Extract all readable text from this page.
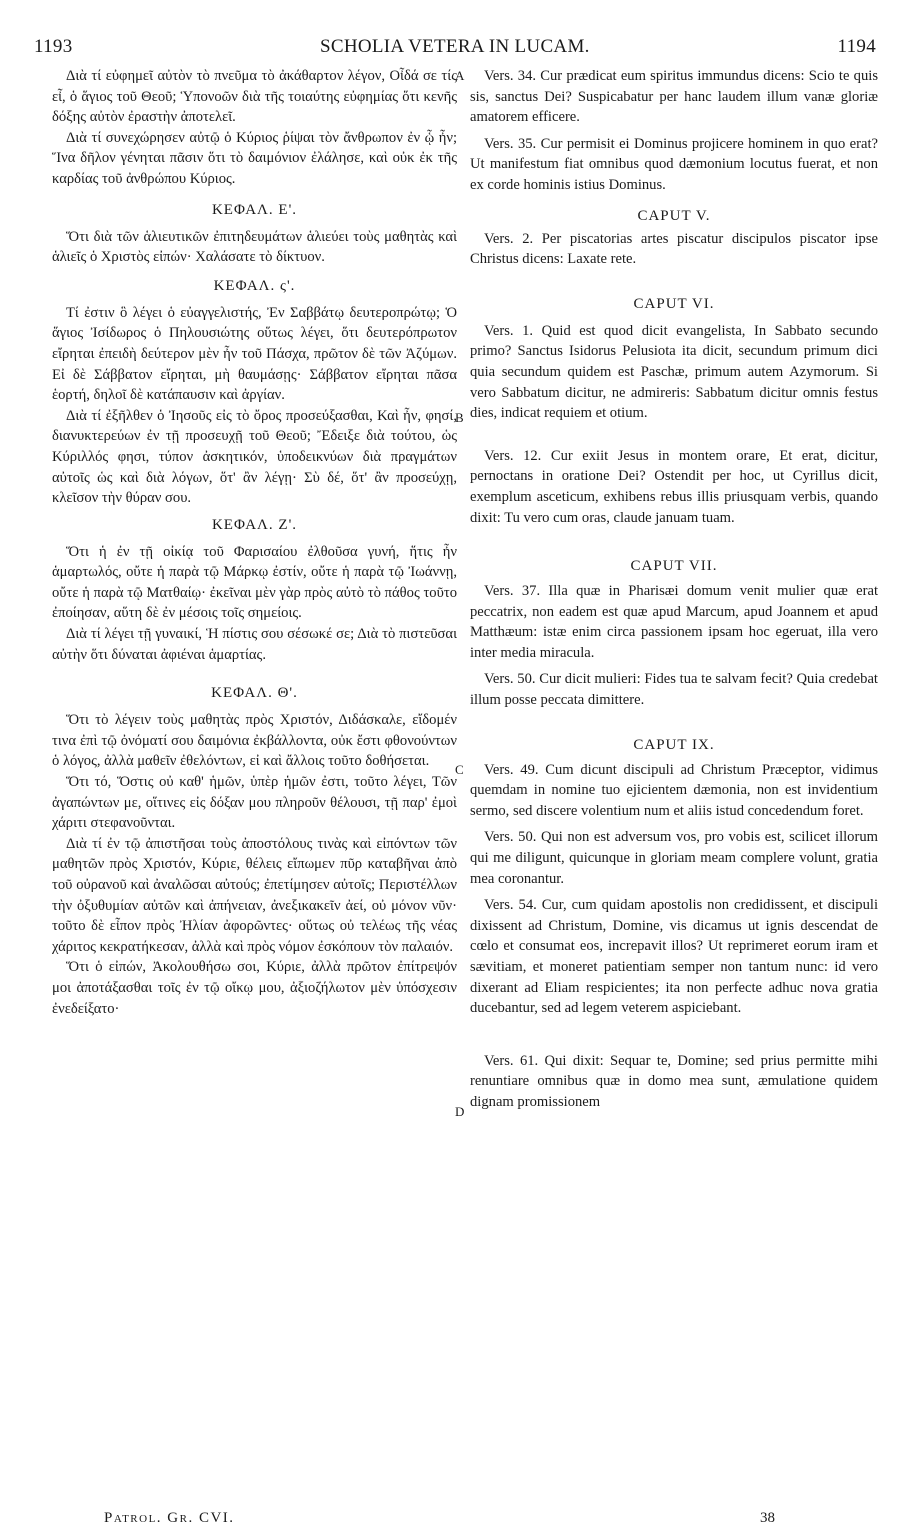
1193	SCHOLIA VETERA IN LUCAM.	1194
A
B
C
D

Διὰ τί εὐφημεῖ αὐτὸν τὸ πνεῦμα τὸ ἀκάθαρτον λέγον, Οἶδά σε τίς εἶ, ὁ ἅγιος τοῦ Θεοῦ; Ὑπονοῶν διὰ τῆς τοιαύτης εὐφημίας ὅτι κενῆς δόξης αὐτὸν ἐραστὴν ἀποτελεῖ.

Διὰ τί συνεχώρησεν αὐτῷ ὁ Κύριος ῥίψαι τὸν ἄνθρωπον ἐν ᾧ ἦν; Ἵνα δῆλον γένηται πᾶσιν ὅτι τὸ δαιμόνιον ἐλάλησε, καὶ οὐκ ἐκ τῆς καρδίας τοῦ ἀνθρώπου Κύριος.

ΚΕΦΑΛ. Ε'.

Ὅτι διὰ τῶν ἁλιευτικῶν ἐπιτηδευμάτων ἁλιεύει τοὺς μαθητὰς καὶ ἁλιεῖς ὁ Χριστὸς εἰπών· Χαλάσατε τὸ δίκτυον.

ΚΕΦΑΛ. ς'.

Τί ἐστιν ὃ λέγει ὁ εὐαγγελιστής, Ἐν Σαββάτῳ δευτεροπρώτῳ; Ὁ ἅγιος Ἰσίδωρος ὁ Πηλουσιώτης οὕτως λέγει, ὅτι δευτερόπρωτον εἴρηται ἐπειδὴ δεύτερον μὲν ἦν τοῦ Πάσχα, πρῶτον δὲ τῶν Ἀζύμων. Εἰ δὲ Σάββατον εἴρηται, μὴ θαυμάσῃς· Σάββατον εἴρηται πᾶσα ἑορτή, δηλοῖ δὲ κατάπαυσιν καὶ ἀργίαν.

Διὰ τί ἐξῆλθεν ὁ Ἰησοῦς εἰς τὸ ὄρος προσεύξασθαι, Καὶ ἦν, φησί, διανυκτερεύων ἐν τῇ προσευχῇ τοῦ Θεοῦ; Ἔδειξε διὰ τούτου, ὡς Κύριλλός φησι, τύπον ἀσκητικόν, ὑποδεικνύων διὰ πραγμάτων αὐτοῖς ὡς καὶ διὰ λόγων, ὅτ' ἂν λέγῃ· Σὺ δέ, ὅτ' ἂν προσεύχῃ, κλεῖσον τὴν θύραν σου.

ΚΕΦΑΛ. Ζ'.

Ὅτι ἡ ἐν τῇ οἰκίᾳ τοῦ Φαρισαίου ἐλθοῦσα γυνή, ἥτις ἦν ἁμαρτωλός, οὔτε ἡ παρὰ τῷ Μάρκῳ ἐστίν, οὔτε ἡ παρὰ τῷ Ἰωάννῃ, οὔτε ἡ παρὰ τῷ Ματθαίῳ· ἐκεῖναι μὲν γὰρ πρὸς αὐτὸ τὸ πάθος τοῦτο ἐποίησαν, αὕτη δὲ ἐν μέσοις τοῖς σημείοις.

Διὰ τί λέγει τῇ γυναικί, Ἡ πίστις σου σέσωκέ σε; Διὰ τὸ πιστεῦσαι αὐτὴν ὅτι δύναται ἀφιέναι ἁμαρτίας.

ΚΕΦΑΛ. Θ'.

Ὅτι τὸ λέγειν τοὺς μαθητὰς πρὸς Χριστόν, Διδάσκαλε, εἴδομέν τινα ἐπὶ τῷ ὀνόματί σου δαιμόνια ἐκβάλλοντα, οὐκ ἔστι φθονούντων ὁ λόγος, ἀλλὰ μαθεῖν ἐθελόντων, εἰ καὶ ἄλλοις τοῦτο δοθήσεται.

Ὅτι τό, Ὅστις οὐ καθ' ἡμῶν, ὑπὲρ ἡμῶν ἐστι, τοῦτο λέγει, Τῶν ἀγαπώντων με, οἵτινες εἰς δόξαν μου πληροῦν θέλουσι, τῇ παρ' ἐμοὶ χάριτι στεφανοῦνται.

Διὰ τί ἐν τῷ ἀπιστῆσαι τοὺς ἀποστόλους τινὰς καὶ εἰπόντων τῶν μαθητῶν πρὸς Χριστόν, Κύριε, θέλεις εἴπωμεν πῦρ καταβῆναι ἀπὸ τοῦ οὐρανοῦ καὶ ἀναλῶσαι αὐτούς; ἐπετίμησεν αὐτοῖς; Περιστέλλων τὴν ὀξυθυμίαν αὐτῶν καὶ ἀπήνειαν, ἀνεξικακεῖν ἀεί, οὐ μόνον νῦν· τοῦτο δὲ εἶπον πρὸς Ἠλίαν ἀφορῶντες· οὕτως οὐ τελέως τῆς νέας χάριτος κεκρατήκεσαν, ἀλλὰ καὶ πρὸς νόμον ἐσκόπουν τὸν παλαιόν.

Ὅτι ὁ εἰπών, Ἀκολουθήσω σοι, Κύριε, ἀλλὰ πρῶτον ἐπίτρεψόν μοι ἀποτάξασθαι τοῖς ἐν τῷ οἴκῳ μου, ἀξιοζήλωτον μὲν ὑπόσχεσιν ἐνεδείξατο·

Vers. 34. Cur prædicat eum spiritus immundus dicens: Scio te quis sis, sanctus Dei? Suspicabatur per hanc laudem illum vanæ gloriæ amatorem efficere.

Vers. 35. Cur permisit ei Dominus projicere hominem in quo erat? Ut manifestum fiat omnibus quod dæmonium locutus fuerat, et non ex corde hominis istius Dominus.

CAPUT V.

Vers. 2. Per piscatorias artes piscatur discipulos piscator ipse Christus dicens: Laxate rete.

CAPUT VI.

Vers. 1. Quid est quod dicit evangelista, In Sabbato secundo primo? Sanctus Isidorus Pelusiota ita dicit, secundum primum dici quia secundum quidem est Paschæ, primum autem Azymorum. Si vero Sabbatum dicitur, ne admireris: Sabbatum dicitur omnis festus dies, indicat requiem et otium.

Vers. 12. Cur exiit Jesus in montem orare, Et erat, dicitur, pernoctans in oratione Dei? Ostendit per hoc, ut Cyrillus dicit, exemplum asceticum, exhibens rebus illis priusquam verbis, quando dixit: Tu vero cum oras, claude januam tuam.

CAPUT VII.

Vers. 37. Illa quæ in Pharisæi domum venit mulier quæ erat peccatrix, non eadem est quæ apud Marcum, apud Joannem et apud Matthæum: istæ enim circa passionem ipsam hoc egeruat, illa vero inter media miracula.

Vers. 50. Cur dicit mulieri: Fides tua te salvam fecit? Quia credebat illum posse peccata dimittere.

CAPUT IX.

Vers. 49. Cum dicunt discipuli ad Christum Præceptor, vidimus quemdam in nomine tuo ejicientem dæmonia, non est invidentium sermo, sed discere volentium num et aliis istud concedendum foret.

Vers. 50. Qui non est adversum vos, pro vobis est, scilicet illorum qui me diligunt, quicunque in gloriam meam complere volunt, gratia mea coronantur.

Vers. 54. Cur, cum quidam apostolis non credidissent, et discipuli dixissent ad Christum, Domine, vis dicamus ut ignis descendat de cœlo et consumat eos, increpavit illos? Ut reprimeret eorum iram et sævitiam, et moneret patientiam semper non tantum nunc: id vero dixerant ad Eliam respicientes; ita non perfecte adhuc nova gratia ducebantur, sed ad legem veterem aspiciebant.

Vers. 61. Qui dixit: Sequar te, Domine; sed prius permitte mihi renuntiare omnibus quæ in domo mea sunt, æmulatione quidem dignam promissionem

Patrol. Gr. CVI.	38
